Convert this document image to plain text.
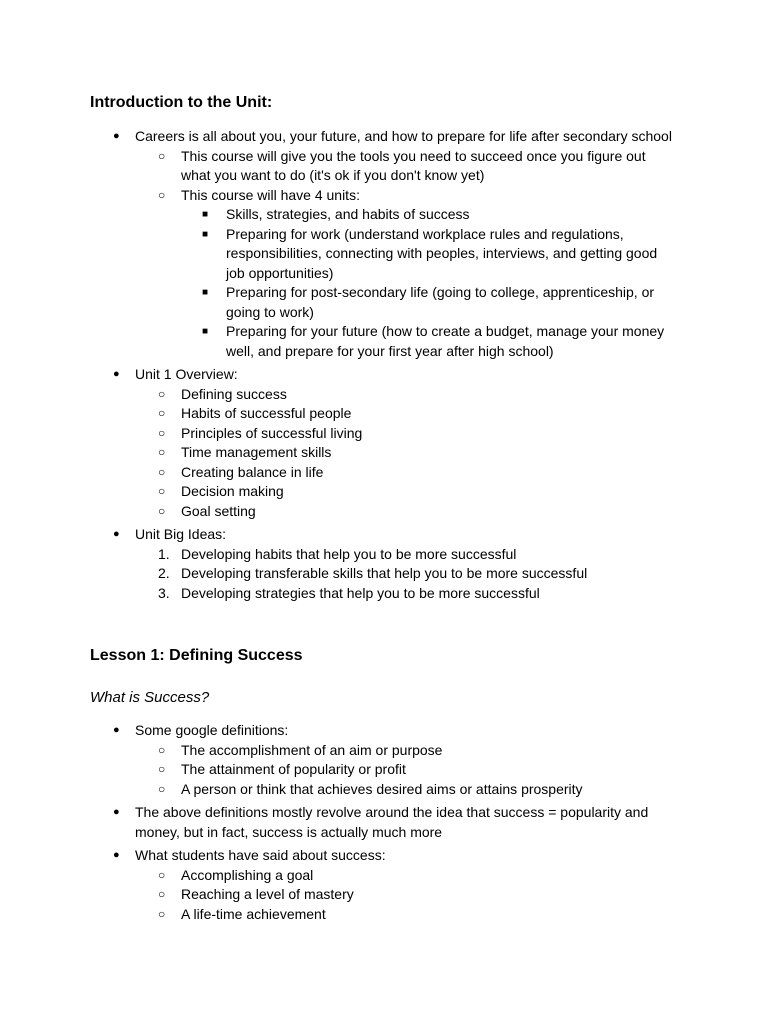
Introduction to the Unit:
● Careers is all about you, your future, and how to prepare for life after secondary school
○ This course will give you the tools you need to succeed once you figure out what you want to do (it's ok if you don't know yet)
○ This course will have 4 units:
■ Skills, strategies, and habits of success
■ Preparing for work (understand workplace rules and regulations, responsibilities, connecting with peoples, interviews, and getting good job opportunities)
■ Preparing for post-secondary life (going to college, apprenticeship, or going to work)
■ Preparing for your future (how to create a budget, manage your money well, and prepare for your first year after high school)
● Unit 1 Overview:
○ Defining success
○ Habits of successful people
○ Principles of successful living
○ Time management skills
○ Creating balance in life
○ Decision making
○ Goal setting
● Unit Big Ideas:
1. Developing habits that help you to be more successful
2. Developing transferable skills that help you to be more successful
3. Developing strategies that help you to be more successful
Lesson 1: Defining Success
What is Success?
● Some google definitions:
○ The accomplishment of an aim or purpose
○ The attainment of popularity or profit
○ A person or think that achieves desired aims or attains prosperity
● The above definitions mostly revolve around the idea that success = popularity and money, but in fact, success is actually much more
● What students have said about success:
○ Accomplishing a goal
○ Reaching a level of mastery
○ A life-time achievement
